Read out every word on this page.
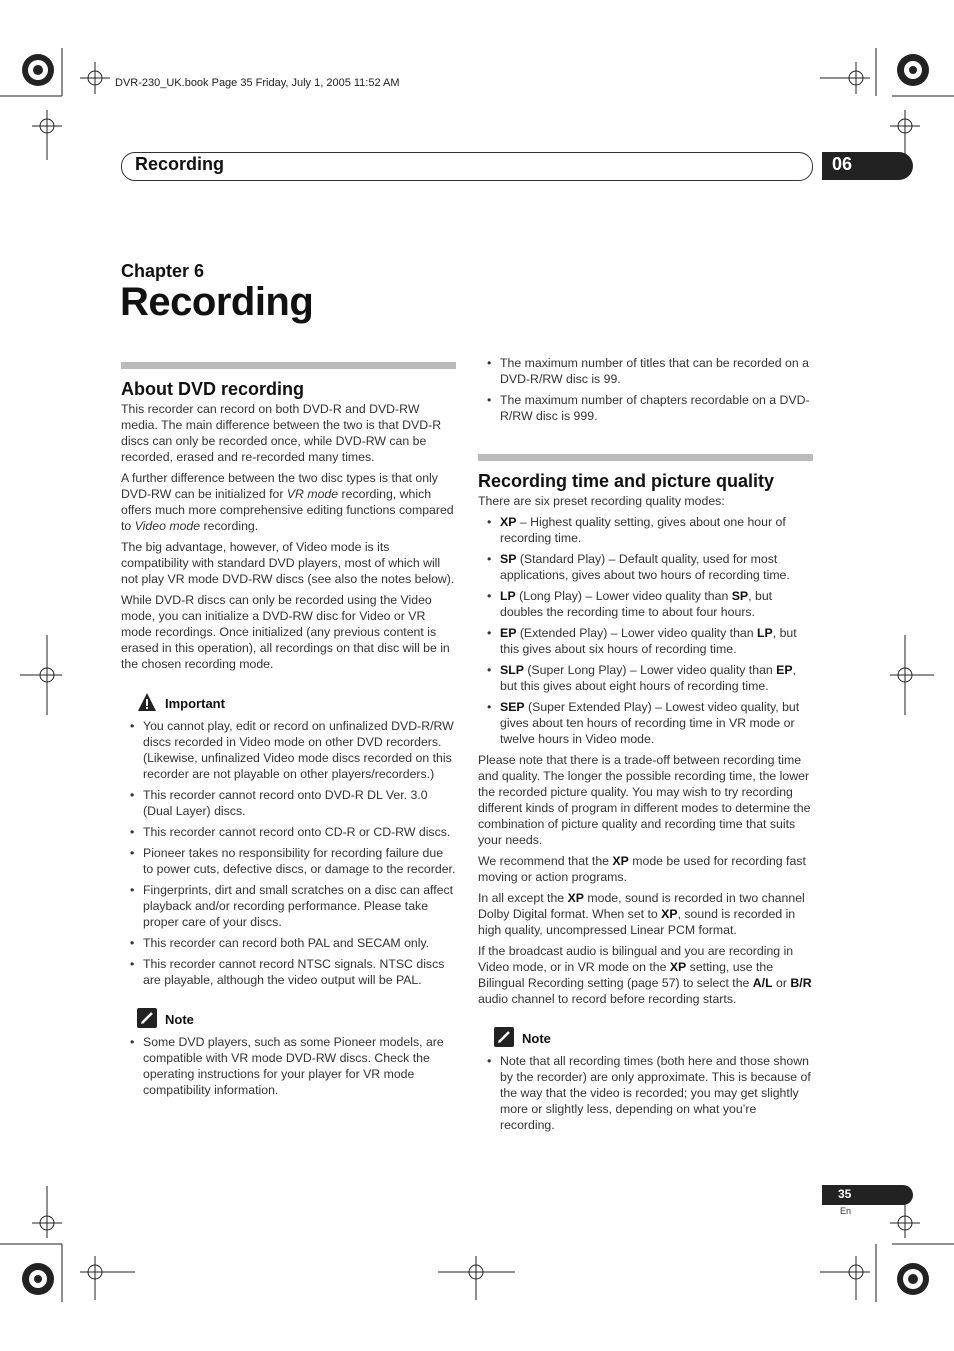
DVR-230_UK.book Page 35 Friday, July 1, 2005 11:52 AM
Recording	06
Chapter 6
Recording
About DVD recording

This recorder can record on both DVD-R and DVD-RW media. The main difference between the two is that DVD-R discs can only be recorded once, while DVD-RW can be recorded, erased and re-recorded many times.

A further difference between the two disc types is that only DVD-RW can be initialized for VR mode recording, which offers much more comprehensive editing functions compared to Video mode recording.

The big advantage, however, of Video mode is its compatibility with standard DVD players, most of which will not play VR mode DVD-RW discs (see also the notes below).

While DVD-R discs can only be recorded using the Video mode, you can initialize a DVD-RW disc for Video or VR mode recordings. Once initialized (any previous content is erased in this operation), all recordings on that disc will be in the chosen recording mode.

Important
• You cannot play, edit or record on unfinalized DVD-R/RW discs recorded in Video mode on other DVD recorders. (Likewise, unfinalized Video mode discs recorded on this recorder are not playable on other players/recorders.)
• This recorder cannot record onto DVD-R DL Ver. 3.0 (Dual Layer) discs.
• This recorder cannot record onto CD-R or CD-RW discs.
• Pioneer takes no responsibility for recording failure due to power cuts, defective discs, or damage to the recorder.
• Fingerprints, dirt and small scratches on a disc can affect playback and/or recording performance. Please take proper care of your discs.
• This recorder can record both PAL and SECAM only.
• This recorder cannot record NTSC signals. NTSC discs are playable, although the video output will be PAL.
Note
• Some DVD players, such as some Pioneer models, are compatible with VR mode DVD-RW discs. Check the operating instructions for your player for VR mode compatibility information.
• The maximum number of titles that can be recorded on a DVD-R/RW disc is 99.
• The maximum number of chapters recordable on a DVD-R/RW disc is 999.
Recording time and picture quality

There are six preset recording quality modes:

• XP – Highest quality setting, gives about one hour of recording time.
• SP (Standard Play) – Default quality, used for most applications, gives about two hours of recording time.
• LP (Long Play) – Lower video quality than SP, but doubles the recording time to about four hours.
• EP (Extended Play) – Lower video quality than LP, but this gives about six hours of recording time.
• SLP (Super Long Play) – Lower video quality than EP, but this gives about eight hours of recording time.
• SEP (Super Extended Play) – Lowest video quality, but gives about ten hours of recording time in VR mode or twelve hours in Video mode.

Please note that there is a trade-off between recording time and quality. The longer the possible recording time, the lower the recorded picture quality. You may wish to try recording different kinds of program in different modes to determine the combination of picture quality and recording time that suits your needs.

We recommend that the XP mode be used for recording fast moving or action programs.

In all except the XP mode, sound is recorded in two channel Dolby Digital format. When set to XP, sound is recorded in high quality, uncompressed Linear PCM format.

If the broadcast audio is bilingual and you are recording in Video mode, or in VR mode on the XP setting, use the Bilingual Recording setting (page 57) to select the A/L or B/R audio channel to record before recording starts.

Note
• Note that all recording times (both here and those shown by the recorder) are only approximate. This is because of the way that the video is recorded; you may get slightly more or slightly less, depending on what you’re recording.
35
En
